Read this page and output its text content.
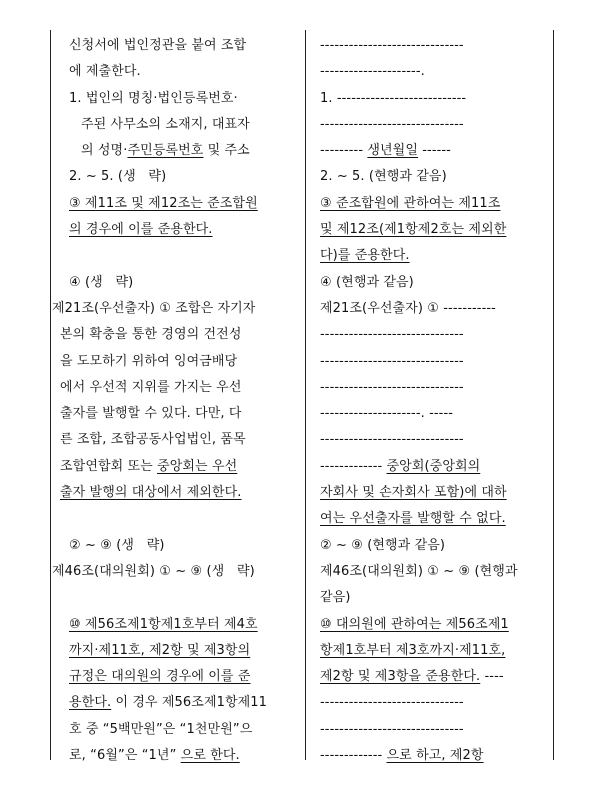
신청서에 법인정관을 붙여 조합
에 제출한다.
1. 법인의 명칭·법인등록번호·
주된 사무소의 소재지, 대표자
의 성명·주민등록번호 및 주소
2. ~ 5. (생   략)
③ 제11조 및 제12조는 준조합원
의 경우에 이를 준용한다.
④ (생   략)
제21조(우선출자) ① 조합은 자기자
본의 확충을 통한 경영의 건전성
을 도모하기 위하여 잉여금배당
에서 우선적 지위를 가지는 우선
출자를 발행할 수 있다. 다만, 다
른 조합, 조합공동사업법인, 품목
조합연합회 또는 중앙회는 우선
출자 발행의 대상에서 제외한다.
② ~ ⑨ (생   략)
제46조(대의원회) ① ~ ⑨ (생   략)
⑩ 제56조제1항제1호부터 제4호
까지·제11호, 제2항 및 제3항의
규정은 대의원의 경우에 이를 준
용한다. 이 경우 제56조제1항제11
호 중 “5백만원”은 “1천만원”으
로, “6월”은 “1년” 으로 한다.
------------------------------
---------------------.
1. ---------------------------
------------------------------
--------- 생년월일 ------
2. ~ 5. (현행과 같음)
③ 준조합원에 관하여는 제11조
및 제12조(제1항제2호는 제외한
다)를 준용한다.
④ (현행과 같음)
제21조(우선출자) ① -----------
------------------------------
------------------------------
------------------------------
---------------------. -----
------------------------------
------------- 중앙회(중앙회의
자회사 및 손자회사 포함)에 대하
여는 우선출자를 발행할 수 없다.
② ~ ⑨ (현행과 같음)
제46조(대의원회) ① ~ ⑨ (현행과
같음)
⑩ 대의원에 관하여는 제56조제1
항제1호부터 제3호까지·제11호,
제2항 및 제3항을 준용한다. ----
------------------------------
------------------------------
------------- 으로 하고, 제2항
